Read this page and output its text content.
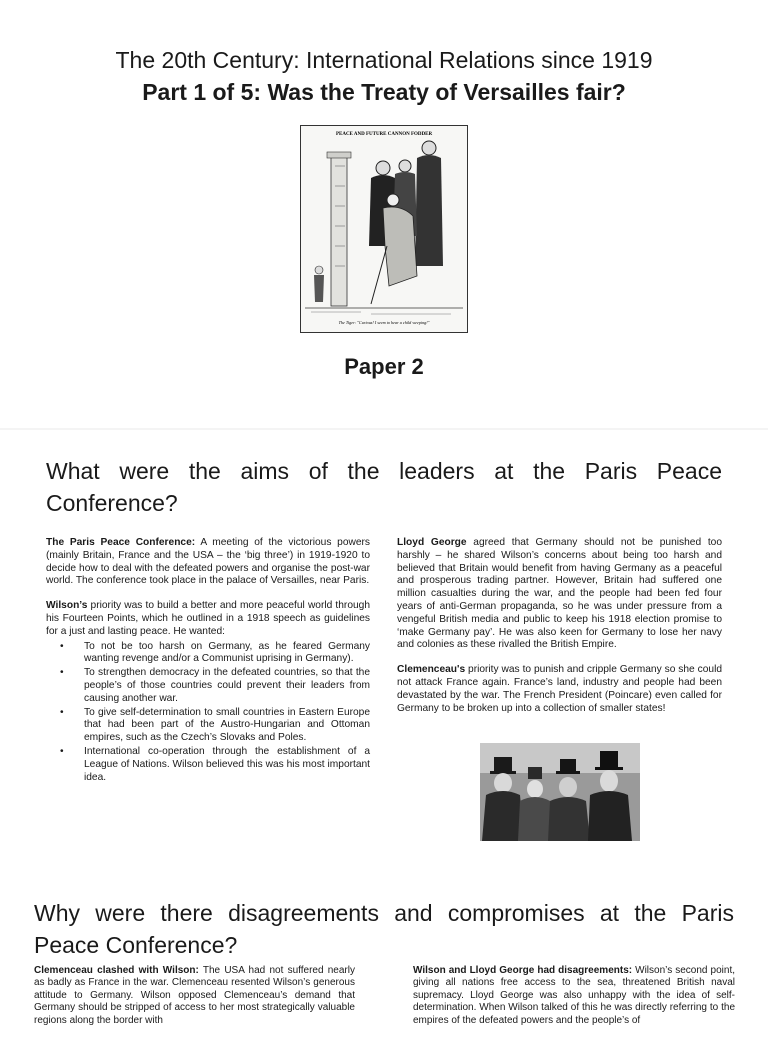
The 20th Century: International Relations since 1919
Part 1 of 5: Was the Treaty of Versailles fair?
PEACE AND FUTURE CANNON FODDER
The Tiger: "Curious! I seem to hear a child weeping!"
Paper 2
What were the aims of the leaders at the Paris Peace Conference?

The Paris Peace Conference: A meeting of the victorious powers (mainly Britain, France and the USA – the ‘big three’) in 1919-1920 to decide how to deal with the defeated powers and organise the post-war world. The conference took place in the palace of Versailles, near Paris.

Wilson’s priority was to build a better and more peaceful world through his Fourteen Points, which he outlined in a 1918 speech as guidelines for a just and lasting peace. He wanted:

• To not be too harsh on Germany, as he feared Germany wanting revenge and/or a Communist uprising in Germany).
• To strengthen democracy in the defeated countries, so that the people’s of those countries could prevent their leaders from causing another war.
• To give self-determination to small countries in Eastern Europe that had been part of the Austro-Hungarian and Ottoman empires, such as the Czech’s Slovaks and Poles.
• International co-operation through the establishment of a League of Nations. Wilson believed this was his most important idea.

Lloyd George agreed that Germany should not be punished too harshly – he shared Wilson’s concerns about being too harsh and believed that Britain would benefit from having Germany as a peaceful and prosperous trading partner. However, Britain had suffered one million casualties during the war, and the people had been fed four years of anti-German propaganda, so he was under pressure from a vengeful British media and public to keep his 1918 election promise to ‘make Germany pay’. He was also keen for Germany to lose her navy and colonies as these rivalled the British Empire.

Clemenceau's priority was to punish and cripple Germany so she could not attack France again. France’s land, industry and people had been devastated by the war. The French President (Poincare) even called for Germany to be broken up into a collection of smaller states!

Why were there disagreements and compromises at the Paris Peace Conference?

Clemenceau clashed with Wilson: The USA had not suffered nearly as badly as France in the war. Clemenceau resented Wilson’s generous attitude to Germany. Wilson opposed Clemenceau’s demand that Germany should be stripped of access to her most strategically valuable regions along the border with

Wilson and Lloyd George had disagreements: Wilson’s second point, giving all nations free access to the sea, threatened British naval supremacy. Lloyd George was also unhappy with the idea of self-determination. When Wilson talked of this he was directly referring to the empires of the defeated powers and the people’s of
